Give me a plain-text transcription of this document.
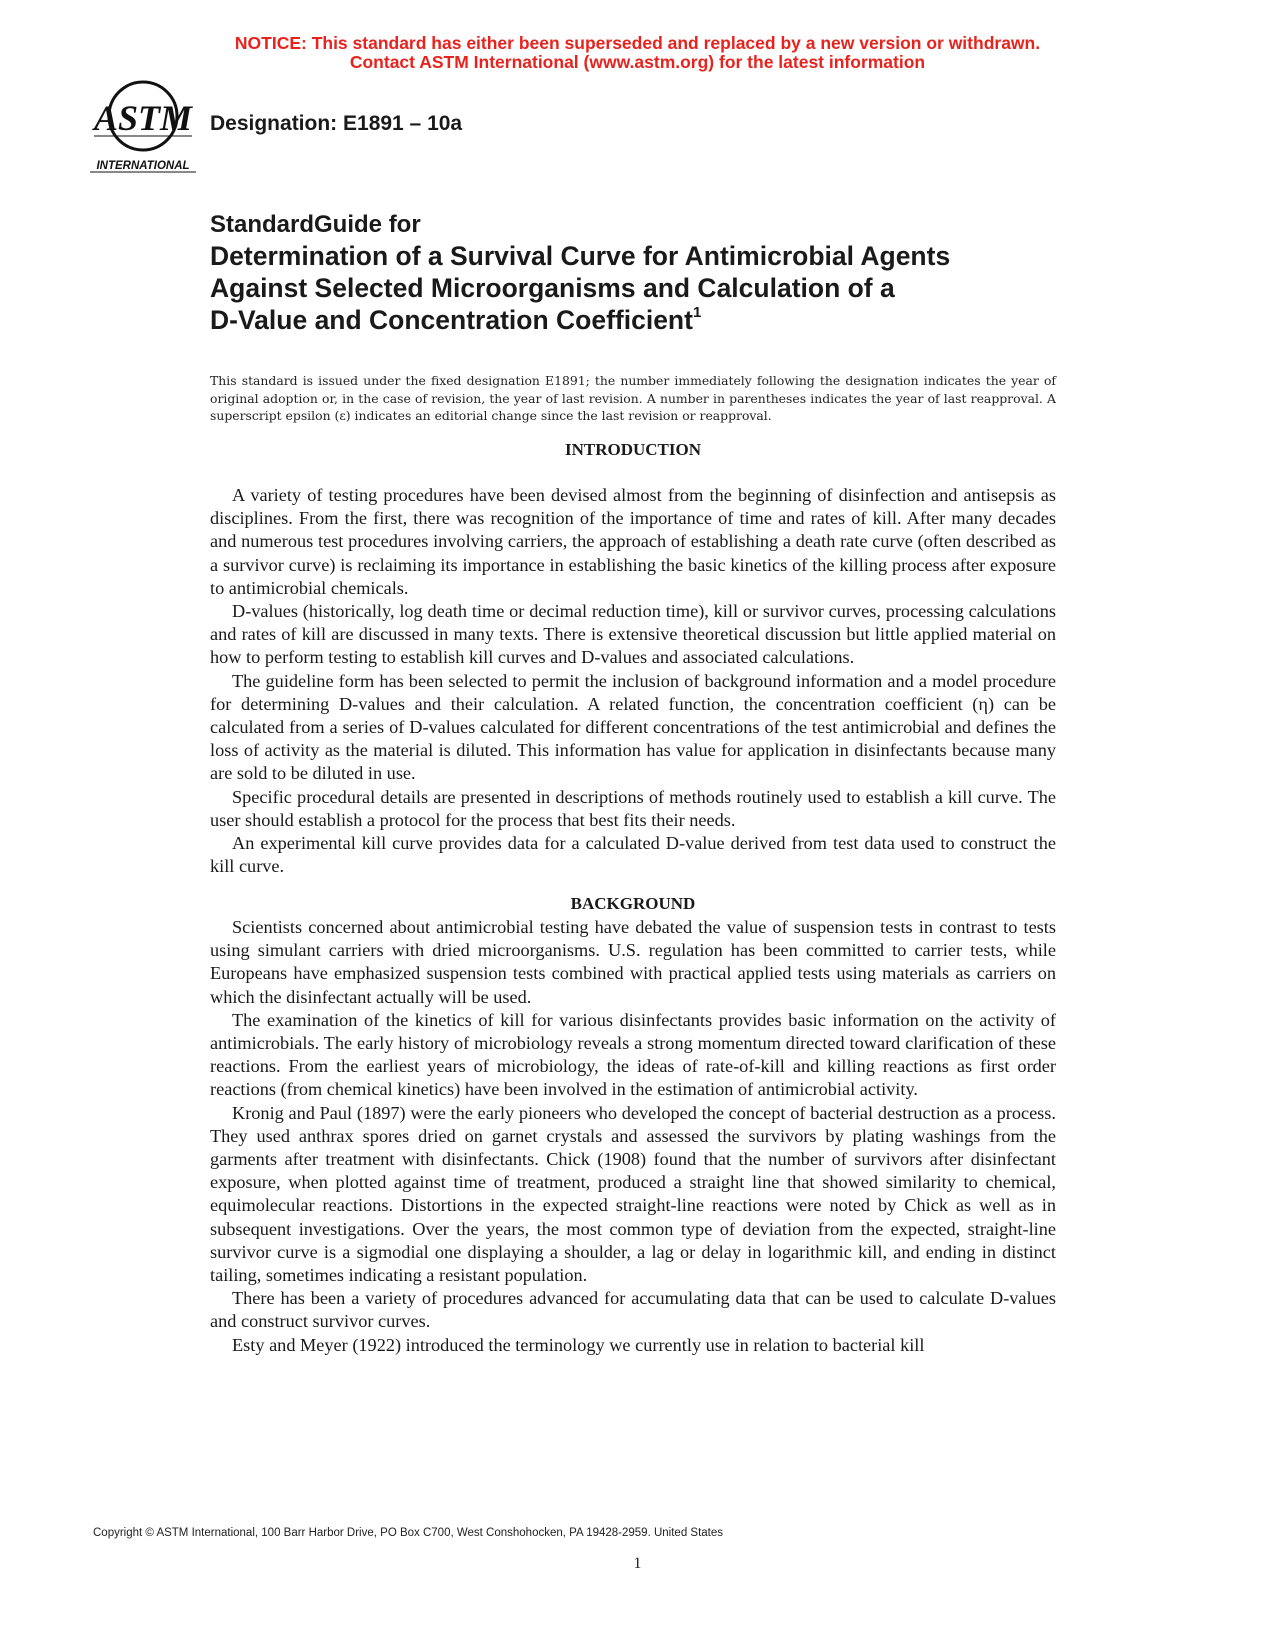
NOTICE: This standard has either been superseded and replaced by a new version or withdrawn.
Contact ASTM International (www.astm.org) for the latest information
ASTM
INTERNATIONAL
Designation: E1891 – 10a
StandardGuide for
Determination of a Survival Curve for Antimicrobial Agents
Against Selected Microorganisms and Calculation of a
D-Value and Concentration Coefficient$^1$
This standard is issued under the fixed designation E1891; the number immediately following the designation indicates the year of original adoption or, in the case of revision, the year of last revision. A number in parentheses indicates the year of last reapproval. A superscript epsilon (ε) indicates an editorial change since the last revision or reapproval.
INTRODUCTION

A variety of testing procedures have been devised almost from the beginning of disinfection and antisepsis as disciplines. From the first, there was recognition of the importance of time and rates of kill. After many decades and numerous test procedures involving carriers, the approach of establishing a death rate curve (often described as a survivor curve) is reclaiming its importance in establishing the basic kinetics of the killing process after exposure to antimicrobial chemicals.

D-values (historically, log death time or decimal reduction time), kill or survivor curves, processing calculations and rates of kill are discussed in many texts. There is extensive theoretical discussion but little applied material on how to perform testing to establish kill curves and D-values and associated calculations.

The guideline form has been selected to permit the inclusion of background information and a model procedure for determining D-values and their calculation. A related function, the concentration coefficient (η) can be calculated from a series of D-values calculated for different concentrations of the test antimicrobial and defines the loss of activity as the material is diluted. This information has value for application in disinfectants because many are sold to be diluted in use.

Specific procedural details are presented in descriptions of methods routinely used to establish a kill curve. The user should establish a protocol for the process that best fits their needs.

An experimental kill curve provides data for a calculated D-value derived from test data used to construct the kill curve.

BACKGROUND

Scientists concerned about antimicrobial testing have debated the value of suspension tests in contrast to tests using simulant carriers with dried microorganisms. U.S. regulation has been committed to carrier tests, while Europeans have emphasized suspension tests combined with practical applied tests using materials as carriers on which the disinfectant actually will be used.

The examination of the kinetics of kill for various disinfectants provides basic information on the activity of antimicrobials. The early history of microbiology reveals a strong momentum directed toward clarification of these reactions. From the earliest years of microbiology, the ideas of rate-of-kill and killing reactions as first order reactions (from chemical kinetics) have been involved in the estimation of antimicrobial activity.

Kronig and Paul (1897) were the early pioneers who developed the concept of bacterial destruction as a process. They used anthrax spores dried on garnet crystals and assessed the survivors by plating washings from the garments after treatment with disinfectants. Chick (1908) found that the number of survivors after disinfectant exposure, when plotted against time of treatment, produced a straight line that showed similarity to chemical, equimolecular reactions. Distortions in the expected straight-line reactions were noted by Chick as well as in subsequent investigations. Over the years, the most common type of deviation from the expected, straight-line survivor curve is a sigmodial one displaying a shoulder, a lag or delay in logarithmic kill, and ending in distinct tailing, sometimes indicating a resistant population.

There has been a variety of procedures advanced for accumulating data that can be used to calculate D-values and construct survivor curves.

Esty and Meyer (1922) introduced the terminology we currently use in relation to bacterial kill

Copyright © ASTM International, 100 Barr Harbor Drive, PO Box C700, West Conshohocken, PA 19428-2959. United States
1
